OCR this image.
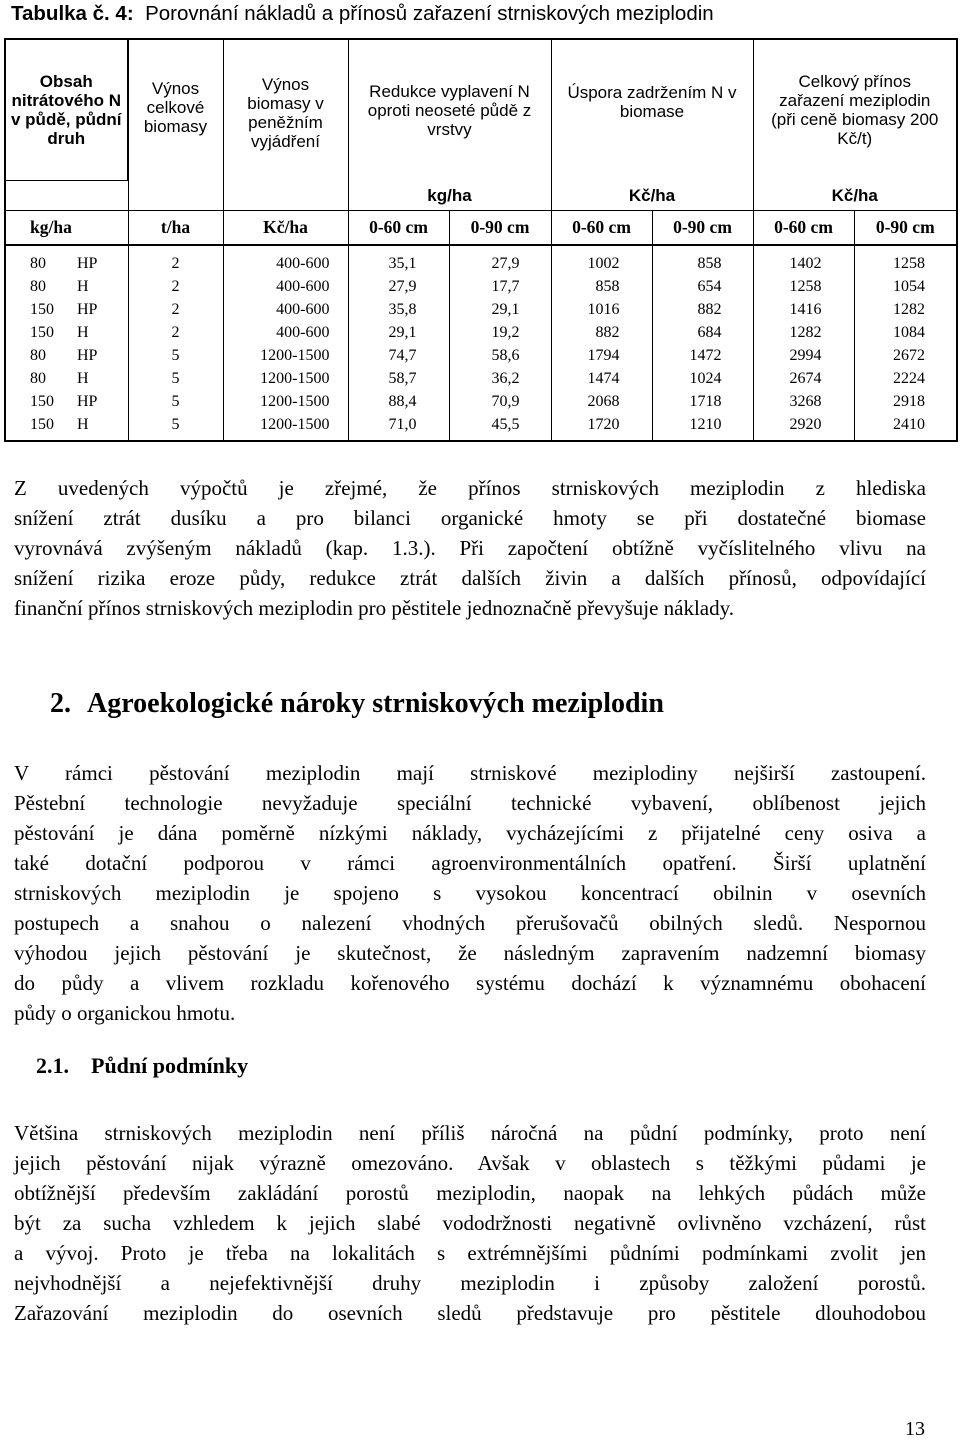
Tabulka č. 4: Porovnání nákladů a přínosů zařazení strniskových meziplodin
Obsah nitrátového N v půdě, půdní druh		Výnos celkové biomasy	Výnos biomasy v peněžním vyjádření	Redukce vyplavení N oproti neoseté půdě z vrstvy		Úspora zadržením N v biomase		Celkový přínos zařazení meziplodin (při ceně biomasy 200 Kč/t)	

				kg/ha		Kč/ha		Kč/ha	
kg/ha		t/ha	Kč/ha	0-60 cm	0-90 cm	0-60 cm	0-90 cm	0-60 cm	0-90 cm
80	HP	2	400-600	35,1	27,9	1002	858	1402	1258
80	H	2	400-600	27,9	17,7	858	654	1258	1054
150	HP	2	400-600	35,8	29,1	1016	882	1416	1282
150	H	2	400-600	29,1	19,2	882	684	1282	1084
80	HP	5	1200-1500	74,7	58,6	1794	1472	2994	2672
80	H	5	1200-1500	58,7	36,2	1474	1024	2674	2224
150	HP	5	1200-1500	88,4	70,9	2068	1718	3268	2918
150	H	5	1200-1500	71,0	45,5	1720	1210	2920	2410
Z uvedených výpočtů je zřejmé, že přínos strniskových meziplodin z hlediska
snížení ztrát dusíku a pro bilanci organické hmoty se při dostatečné biomase
vyrovnává zvýšeným nákladů (kap. 1.3.). Při započtení obtížně vyčíslitelného vlivu na
snížení rizika eroze půdy, redukce ztrát dalších živin a dalších přínosů, odpovídající
finanční přínos strniskových meziplodin pro pěstitele jednoznačně převyšuje náklady.
2. Agroekologické nároky strniskových meziplodin
V rámci pěstování meziplodin mají strniskové meziplodiny nejširší zastoupení.
Pěstební technologie nevyžaduje speciální technické vybavení, oblíbenost jejich
pěstování je dána poměrně nízkými náklady, vycházejícími z přijatelné ceny osiva a
také dotační podporou v rámci agroenvironmentálních opatření. Širší uplatnění
strniskových meziplodin je spojeno s vysokou koncentrací obilnin v osevních
postupech a snahou o nalezení vhodných přerušovačů obilných sledů. Nespornou
výhodou jejich pěstování je skutečnost, že následným zapravením nadzemní biomasy
do půdy a vlivem rozkladu kořenového systému dochází k významnému obohacení
půdy o organickou hmotu.
2.1. Půdní podmínky
Většina strniskových meziplodin není příliš náročná na půdní podmínky, proto není
jejich pěstování nijak výrazně omezováno. Avšak v oblastech s těžkými půdami je
obtížnější především zakládání porostů meziplodin, naopak na lehkých půdách může
být za sucha vzhledem k jejich slabé vododržnosti negativně ovlivněno vzcházení, růst
a vývoj. Proto je třeba na lokalitách s extrémnějšími půdními podmínkami zvolit jen
nejvhodnější a nejefektivnější druhy meziplodin i způsoby založení porostů.
Zařazování meziplodin do osevních sledů představuje pro pěstitele dlouhodobou
13
